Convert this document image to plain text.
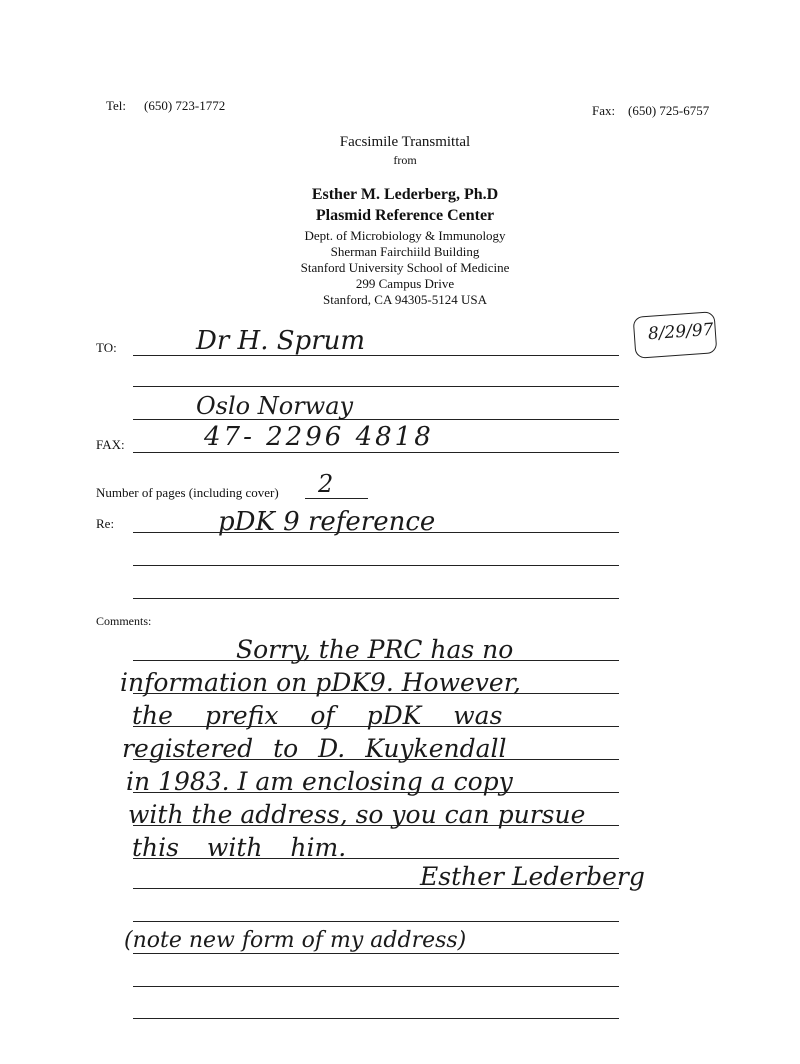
Tel: (650) 723-1772	Fax: (650) 725-6757
Facsimile Transmittal
from
Esther M. Lederberg, Ph.D
Plasmid Reference Center
Dept. of Microbiology & Immunology
Sherman Fairchiild Building
Stanford University School of Medicine
299 Campus Drive
Stanford, CA 94305-5124 USA
8/29/97
TO:	Dr H. Sprum
Oslo Norway
FAX:	47- 2296 4818
Number of pages (including cover) 2
Re:	pDK 9 reference
Comments:
Sorry, the PRC has no
information on pDK9. However,
the prefix of pDK was
registered to D. Kuykendall
in 1983. I am enclosing a copy
with the address, so you can pursue
this with him.
Esther Lederberg
(note new form of my address)
